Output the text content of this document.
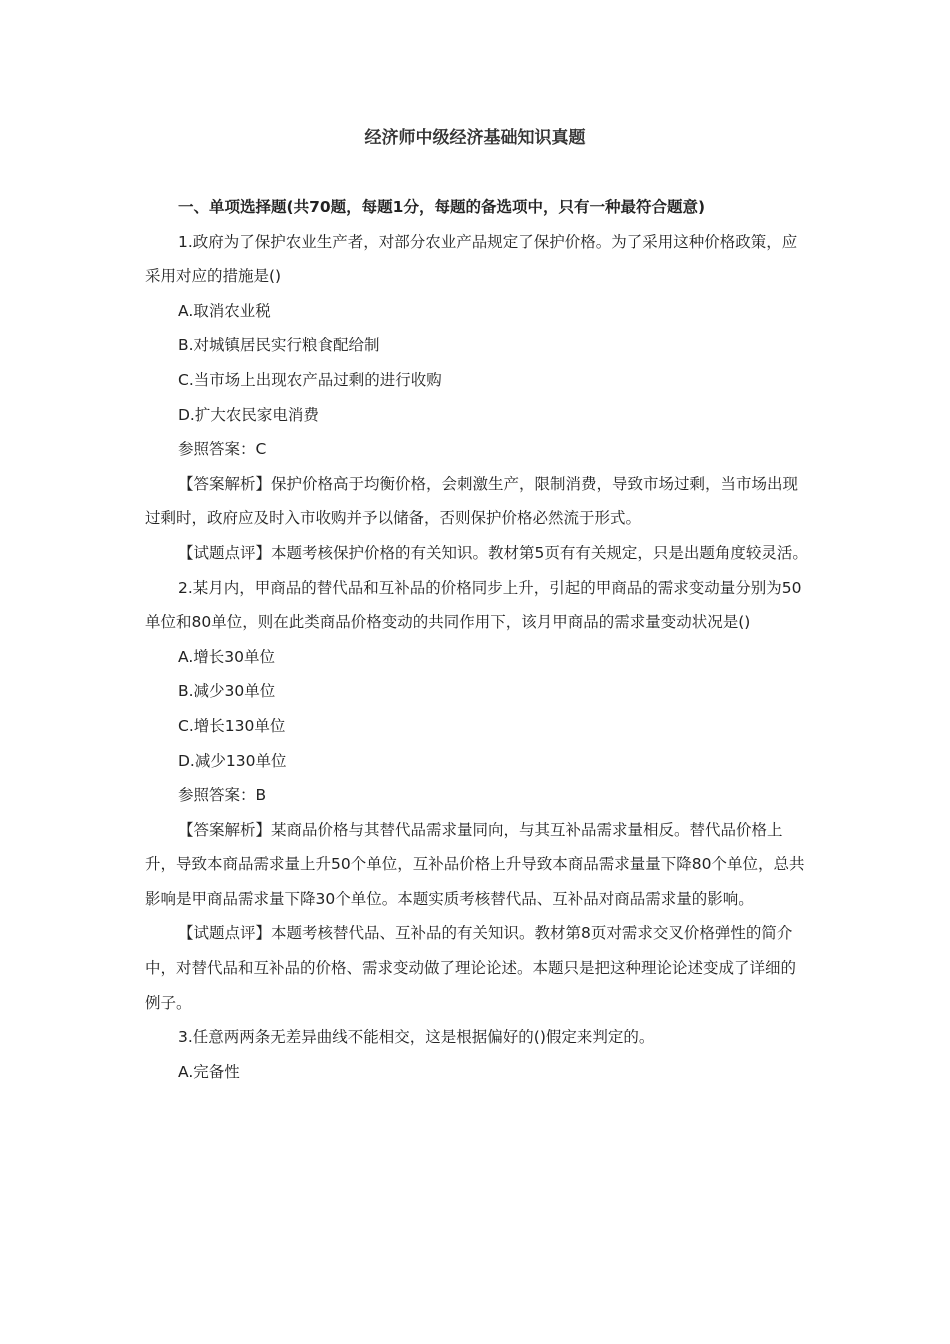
经济师中级经济基础知识真题

一、单项选择题(共70题，每题1分，每题的备选项中，只有一种最符合题意)

1.政府为了保护农业生产者，对部分农业产品规定了保护价格。为了采用这种价格政策，应采用对应的措施是()

A.取消农业税

B.对城镇居民实行粮食配给制

C.当市场上出现农产品过剩的进行收购

D.扩大农民家电消费

参照答案：C

【答案解析】保护价格高于均衡价格，会刺激生产，限制消费，导致市场过剩，当市场出现过剩时，政府应及时入市收购并予以储备，否则保护价格必然流于形式。

【试题点评】本题考核保护价格的有关知识。教材第5页有有关规定，只是出题角度较灵活。

2.某月内，甲商品的替代品和互补品的价格同步上升，引起的甲商品的需求变动量分别为50单位和80单位，则在此类商品价格变动的共同作用下，该月甲商品的需求量变动状况是()

A.增长30单位

B.减少30单位

C.增长130单位

D.减少130单位

参照答案：B

【答案解析】某商品价格与其替代品需求量同向，与其互补品需求量相反。替代品价格上升，导致本商品需求量上升50个单位，互补品价格上升导致本商品需求量量下降80个单位，总共影响是甲商品需求量下降30个单位。本题实质考核替代品、互补品对商品需求量的影响。

【试题点评】本题考核替代品、互补品的有关知识。教材第8页对需求交叉价格弹性的简介中，对替代品和互补品的价格、需求变动做了理论论述。本题只是把这种理论论述变成了详细的例子。

3.任意两两条无差异曲线不能相交，这是根据偏好的()假定来判定的。

A.完备性
